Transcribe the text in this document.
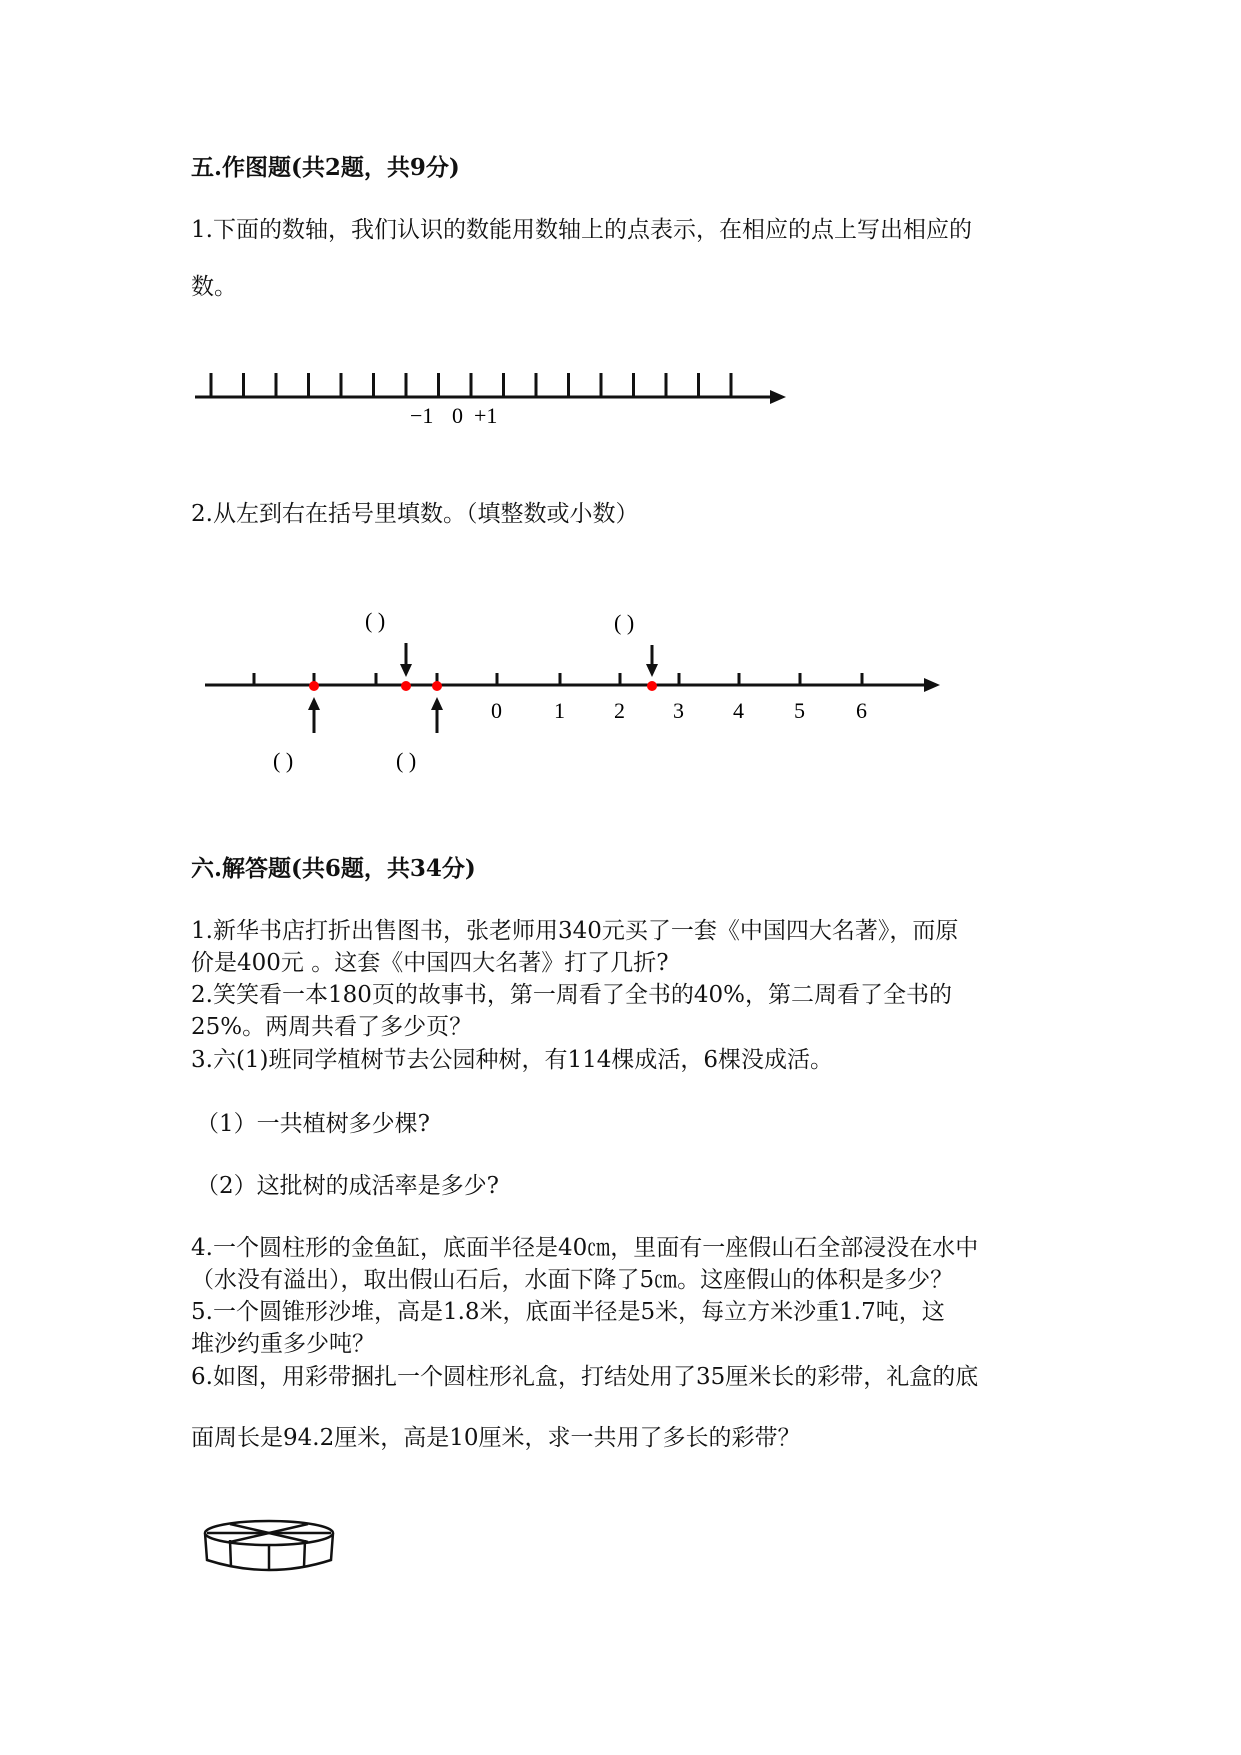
五.作图题(共2题，共9分)
1.下面的数轴，我们认识的数能用数轴上的点表示，在相应的点上写出相应的
数。
−1 0 +1
0 1 2 3 4 5 6
( )	( )
( )	( )
2.从左到右在括号里填数。（填整数或小数）
六.解答题(共6题，共34分)
1.新华书店打折出售图书，张老师用340元买了一套《中国四大名著》，而原
价是400元 。这套《中国四大名著》打了几折?
2.笑笑看一本180页的故事书，第一周看了全书的40%，第二周看了全书的
25%。两周共看了多少页？
3.六(1)班同学植树节去公园种树，有114棵成活，6棵没成活。
（1）一共植树多少棵?
（2）这批树的成活率是多少?
4.一个圆柱形的金鱼缸，底面半径是40㎝，里面有一座假山石全部浸没在水中
（水没有溢出），取出假山石后，水面下降了5㎝。这座假山的体积是多少？
5.一个圆锥形沙堆，高是1.8米，底面半径是5米，每立方米沙重1.7吨，这
堆沙约重多少吨？
6.如图，用彩带捆扎一个圆柱形礼盒，打结处用了35厘米长的彩带，礼盒的底
面周长是94.2厘米，高是10厘米，求一共用了多长的彩带？
